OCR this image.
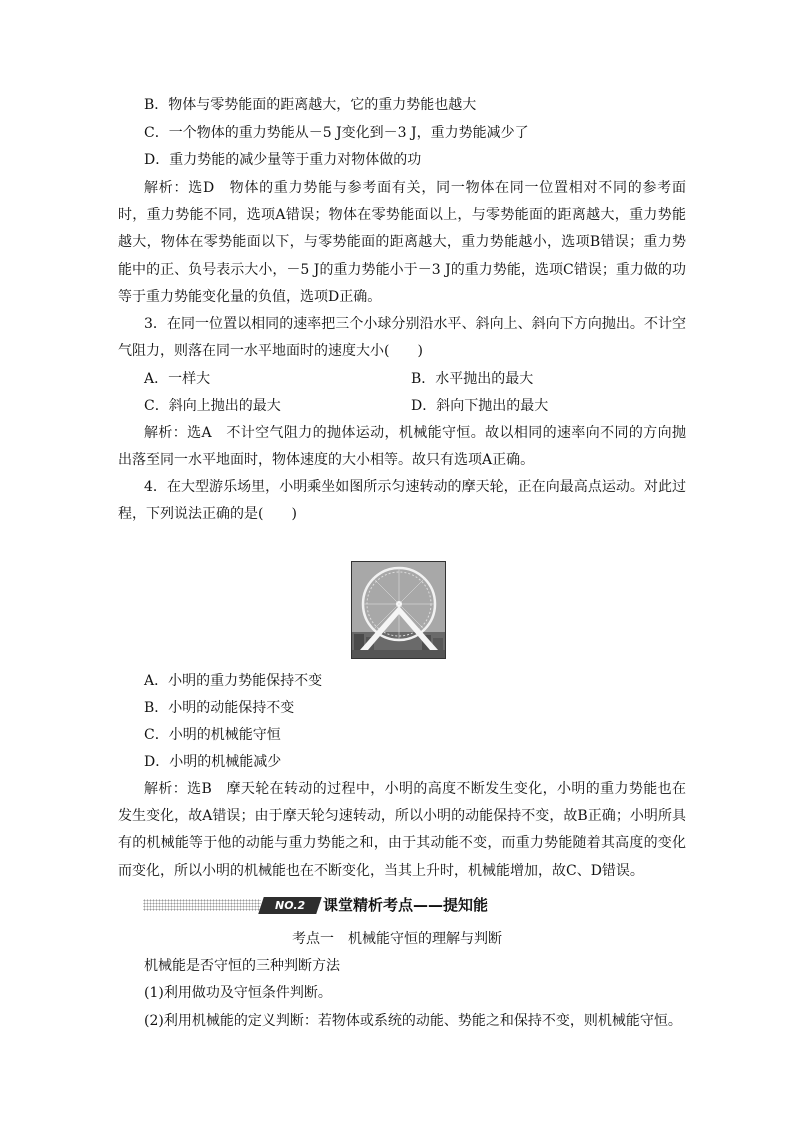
B．物体与零势能面的距离越大，它的重力势能也越大
C．一个物体的重力势能从－5 J变化到－3 J，重力势能减少了
D．重力势能的减少量等于重力对物体做的功
解析：选D　物体的重力势能与参考面有关，同一物体在同一位置相对不同的参考面时，重力势能不同，选项A错误；物体在零势能面以上，与零势能面的距离越大，重力势能越大，物体在零势能面以下，与零势能面的距离越大，重力势能越小，选项B错误；重力势能中的正、负号表示大小，－5 J的重力势能小于－3 J的重力势能，选项C错误；重力做的功等于重力势能变化量的负值，选项D正确。
3．在同一位置以相同的速率把三个小球分别沿水平、斜向上、斜向下方向抛出。不计空气阻力，则落在同一水平地面时的速度大小(　　)
A．一样大	B．水平抛出的最大
C．斜向上抛出的最大	D．斜向下抛出的最大
解析：选A　不计空气阻力的抛体运动，机械能守恒。故以相同的速率向不同的方向抛出落至同一水平地面时，物体速度的大小相等。故只有选项A正确。
4．在大型游乐场里，小明乘坐如图所示匀速转动的摩天轮，正在向最高点运动。对此过程，下列说法正确的是(　　)
A．小明的重力势能保持不变
B．小明的动能保持不变
C．小明的机械能守恒
D．小明的机械能减少
解析：选B　摩天轮在转动的过程中，小明的高度不断发生变化，小明的重力势能也在发生变化，故A错误；由于摩天轮匀速转动，所以小明的动能保持不变，故B正确；小明所具有的机械能等于他的动能与重力势能之和，由于其动能不变，而重力势能随着其高度的变化而变化，所以小明的机械能也在不断变化，当其上升时，机械能增加，故C、D错误。
NO.2	课堂精析考点——提知能
考点一　机械能守恒的理解与判断
机械能是否守恒的三种判断方法
(1)利用做功及守恒条件判断。
(2)利用机械能的定义判断：若物体或系统的动能、势能之和保持不变，则机械能守恒。
